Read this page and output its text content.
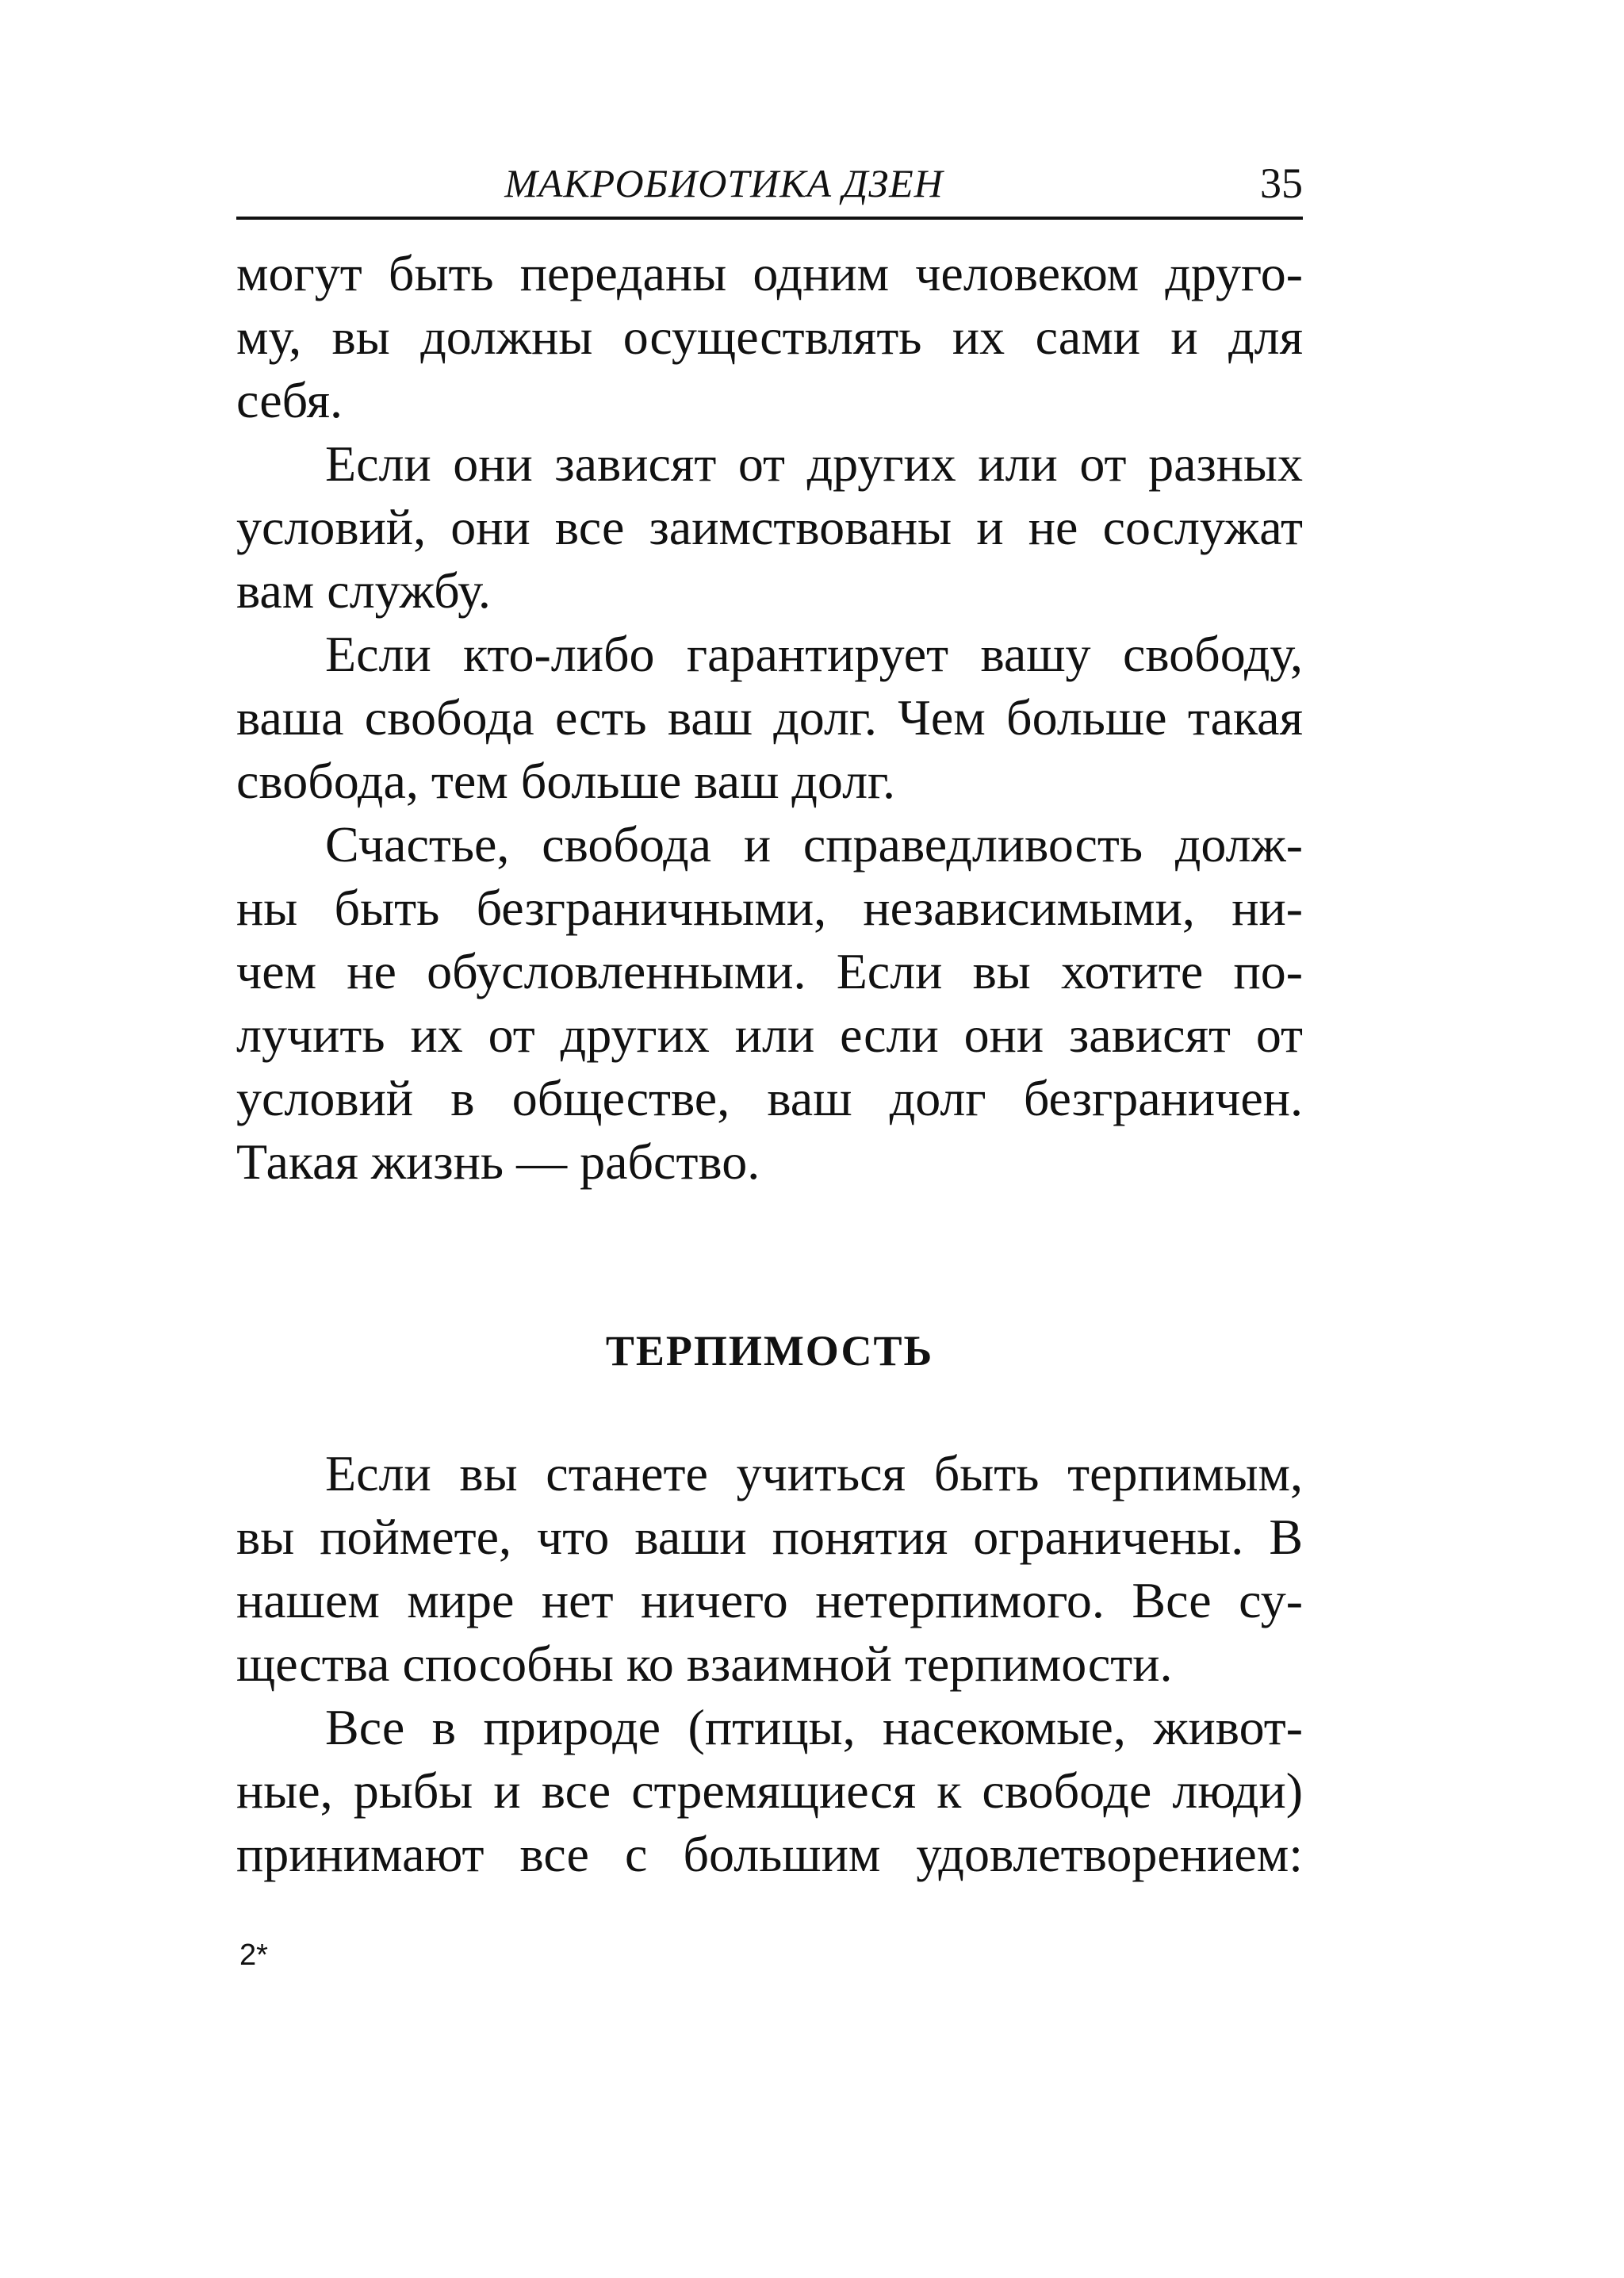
МАКРОБИОТИКА ДЗЕН	35
могут быть переданы одним человеком друго-
му, вы должны осуществлять их сами и для
себя.
Если они зависят от других или от разных
условий, они все заимствованы и не сослужат
вам службу.
Если кто-либо гарантирует вашу свободу,
ваша свобода есть ваш долг. Чем больше такая
свобода, тем больше ваш долг.
Счастье, свобода и справедливость долж-
ны быть безграничными, независимыми, ни-
чем не обусловленными. Если вы хотите по-
лучить их от других или если они зависят от
условий в обществе, ваш долг безграничен.
Такая жизнь — рабство.
ТЕРПИМОСТЬ
Если вы станете учиться быть терпимым,
вы поймете, что ваши понятия ограничены. В
нашем мире нет ничего нетерпимого. Все су-
щества способны ко взаимной терпимости.
Все в природе (птицы, насекомые, живот-
ные, рыбы и все стремящиеся к свободе люди)
принимают все с большим удовлетворением:
2*
